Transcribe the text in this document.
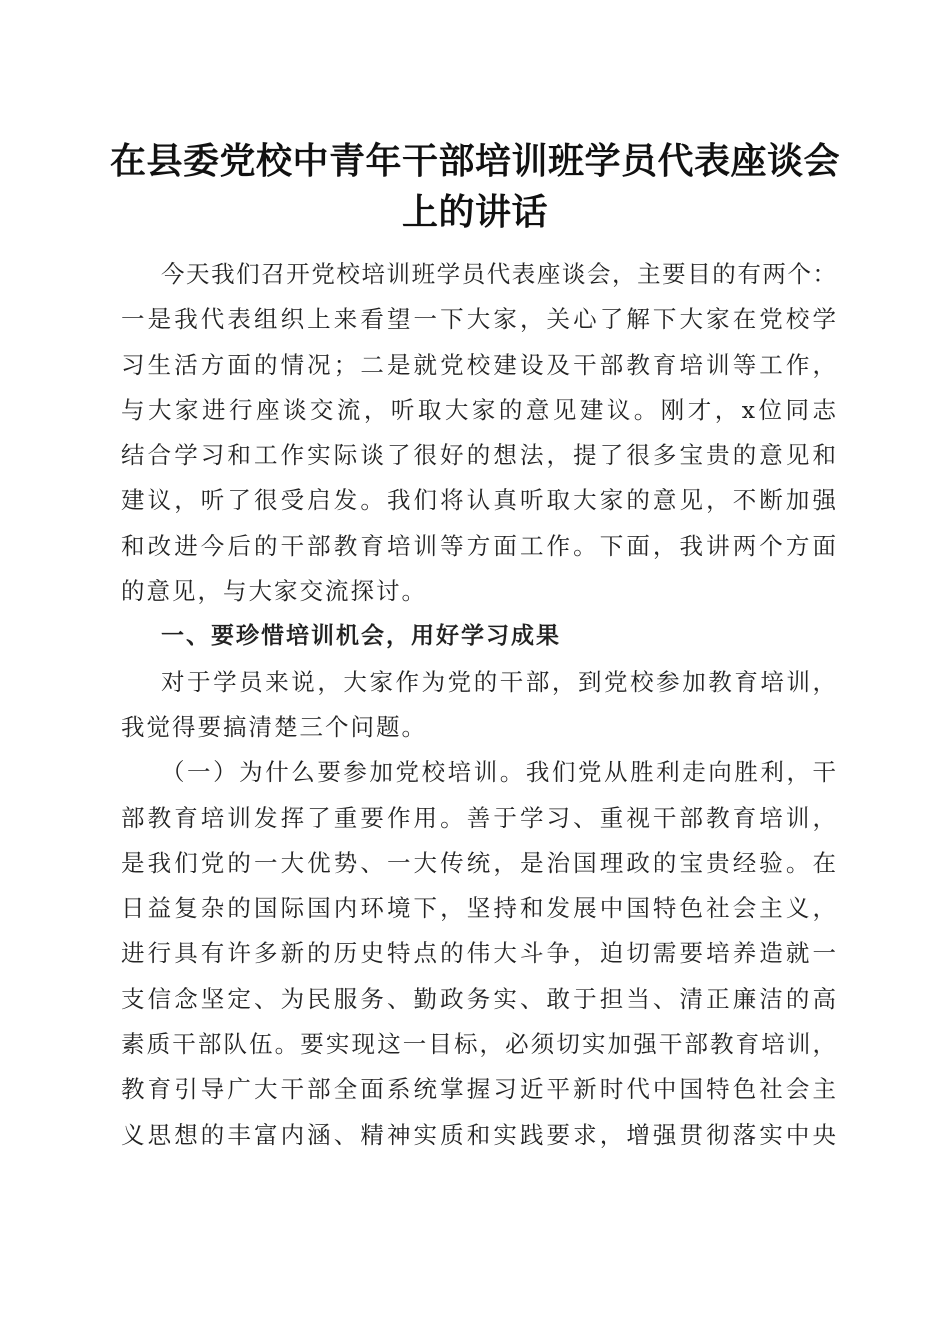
在县委党校中青年干部培训班学员代表座谈会
上的讲话
今天我们召开党校培训班学员代表座谈会，主要目的有两个：
一是我代表组织上来看望一下大家，关心了解下大家在党校学
习生活方面的情况；二是就党校建设及干部教育培训等工作，
与大家进行座谈交流，听取大家的意见建议。刚才，x位同志
结合学习和工作实际谈了很好的想法，提了很多宝贵的意见和
建议，听了很受启发。我们将认真听取大家的意见，不断加强
和改进今后的干部教育培训等方面工作。下面，我讲两个方面
的意见，与大家交流探讨。
一、要珍惜培训机会，用好学习成果
对于学员来说，大家作为党的干部，到党校参加教育培训，
我觉得要搞清楚三个问题。
（一）为什么要参加党校培训。我们党从胜利走向胜利，干
部教育培训发挥了重要作用。善于学习、重视干部教育培训，
是我们党的一大优势、一大传统，是治国理政的宝贵经验。在
日益复杂的国际国内环境下，坚持和发展中国特色社会主义，
进行具有许多新的历史特点的伟大斗争，迫切需要培养造就一
支信念坚定、为民服务、勤政务实、敢于担当、清正廉洁的高
素质干部队伍。要实现这一目标，必须切实加强干部教育培训，
教育引导广大干部全面系统掌握习近平新时代中国特色社会主
义思想的丰富内涵、精神实质和实践要求，增强贯彻落实中央
